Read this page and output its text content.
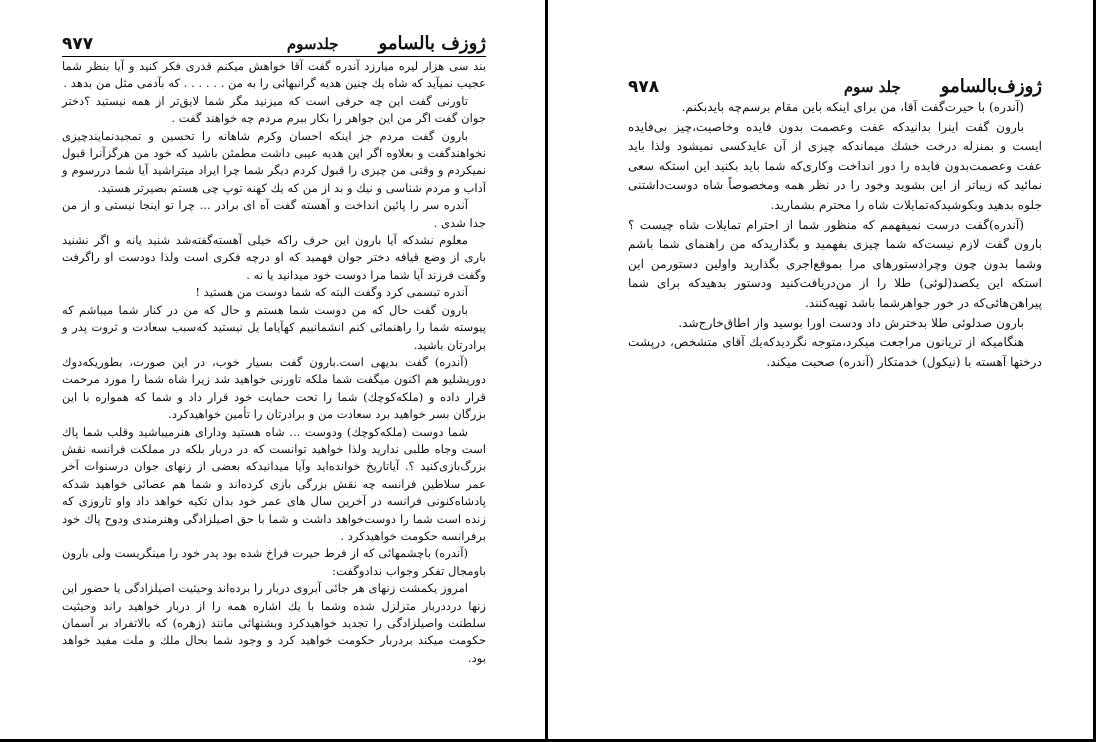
ژوزف بالسامو
جلدسوم
۹۷۷

بند سی هزار لیره میارزد آندره گفت آقا خواهش میکنم قدری فکر کنید و آیا بنظر شما عجیب نمیآید که شاه یك چنین هدیه گرانبهائی را به من . . . . . . که بآدمی مثل من بدهد .

تاورنی گفت این چه حرفی است که میزنید مگر شما لایق‌تر از همه نیستید ؟دختر جوان گفت اگر من این جواهر را بکار ببرم مردم چه خواهند گفت .

بارون گفت مردم جز اینکه احسان وکرم شاهانه را تحسین و تمجیدنمایند‌چیزی نخواهندگفت و بعلاوه اگر این هدیه عیبی داشت مطمئن باشید که خود من هرگزآنرا قبول نمیکردم و وقتی من چیزی را قبول کردم دیگر شما چرا ایراد میتراشید آیا شما دررسوم و آداب و مردم شناسی و نیك و بد از من که یك کهنه توپ چی هستم بصیرتر هستید.

آندره سر را پائین انداخت و آهسته گفت آه ای برادر ... چرا تو اینجا نیستی و از من جدا شدی .

معلوم نشدکه آیا بارون این حرف راکه خیلی آهسته‌گفته‌شد شنید یانه و اگر نشنید باری از وضع قیافه دختر جوان فهمید که او درچه فکری است ولذا دودست او راگرفت وگفت فرزند آیا شما مرا دوست خود میدانید یا نه .

آندره تبسمی کرد وگفت البته که شما دوست من هستید !

بارون گفت حال که من دوست شما هستم و حال که من در کنار شما میباشم که پیوسته شما را راهنمائی کنم انشمانبیم کهآیاما یل نیستید که‌سبب سعادت و ثروت پدر و برادرتان باشید.

(آندره) گفت بدیهی است.بارون گفت بسیار خوب، در این صورت، بطوریکه‌دوك دوریشلیو هم اکنون میگفت شما ملکه تاورنی خواهید شد زیرا شاه شما را مورد مرحمت قرار داده و (ملکه‌کوچك) شما را تحت حمایت خود قرار داد و شما که همواره با این بزرگان بسر خواهید برد سعادت من و برادرتان را تأمین خواهیدکرد.

شما دوست (ملکه‌کوچك) ودوست ... شاه هستید ودارای هنرمیباشید وقلب شما پاك است وجاه طلبی ندارید ولذا خواهید توانست که در دربار بلکه در مملکت فرانسه نقش بزرگ‌بازی‌کنید ؟. آیاتاریخ خوانده‌اید وآیا میدانیدکه بعضی از زنهای جوان درسنوات آخر عمر سلاطین فرانسه چه نقش بزرگی بازی کرده‌اند و شما هم‌ عصائی خواهید شدکه پادشاه‌کنونی فرانسه در آخرین سال های عمر خود بدان تکیه خواهد داد واو تاروزی که زنده است شما را دوست‌خواهد داشت و شما با حق اصیلزادگی وهنرمندی ودوح پاك خود برفرانسه حکومت خواهیدکرد .

(آندره) باچشمهائی که از فرط حیرت فراخ شده بود پدر خود را مینگریست ولی بارون باومجال تفکر وجواب ندادوگفت:

امروز یکمشت زنهای هر جائی آبروی دربار را برده‌اند وحیثیت اصیلزادگی یا حضور این زنها درددربار متزلزل شده وشما با یك اشاره همه را از دربار خواهید راند وحیثیت سلطنت واصیلزادگی را تجدید خواهیدکرد وبشنهائی مانند (زهره) که بالاتفراد بر آسمان حکومت میکند بردربار حکومت خواهید کرد و وجود شما بحال ملك و ملت مفید خواهد بود.

ژوزف‌بالسامو
جلد سوم
۹۷۸

(آندره) با حیرت‌گفت آقا، من برای اینکه باین مقام برسم‌چه بایدبکنم.

بارون گفت اینرا بدانیدکه عفت وعصمت بدون فایده وخاصیت،چیز بی‌فایده ایست و بمنزله درخت خشك میماندکه چیزی از آن عایدکسی نمیشود ولذا باید عفت وعصمت‌بدون فایده را دور انداخت وکاری‌که شما باید بکنید این استکه سعی نمائید که زیباتر از این بشوید وخود را در نظر همه ومخصوصاً شاه دوست‌داشتنی جلوه بدهید وبکوشیدکه‌تمایلات شاه را محترم بشمارید.

(آندره)گفت درست نمیفهمم که منظور شما از احترام تمایلات شاه چیست ؟ بارون گفت لازم نیست‌که شما چیزی بفهمید و بگذاریدکه من راهنمای شما باشم وشما بدون چون وچرادستورهای مرا بموقع‌اجری بگذارید واولین دستورمن این استکه این یکصد(لوئی) طلا را از من‌دریافت‌کنید ودستور بدهیدکه برای شما پیراهن‌هائی‌که در خور جواهرشما باشد تهیه‌کنند.

بارون صدلوئی طلا بدخترش داد ودست اورا بوسید واز اطاق‌خارج‌شد.

هنگامیکه از تریانون مراجعت میکرد،متوجه نگردیدکه‌یك آقای متشخص، درپشت درختها آهسته با (نیکول) خدمتکار (آندره) صحبت میکند.
